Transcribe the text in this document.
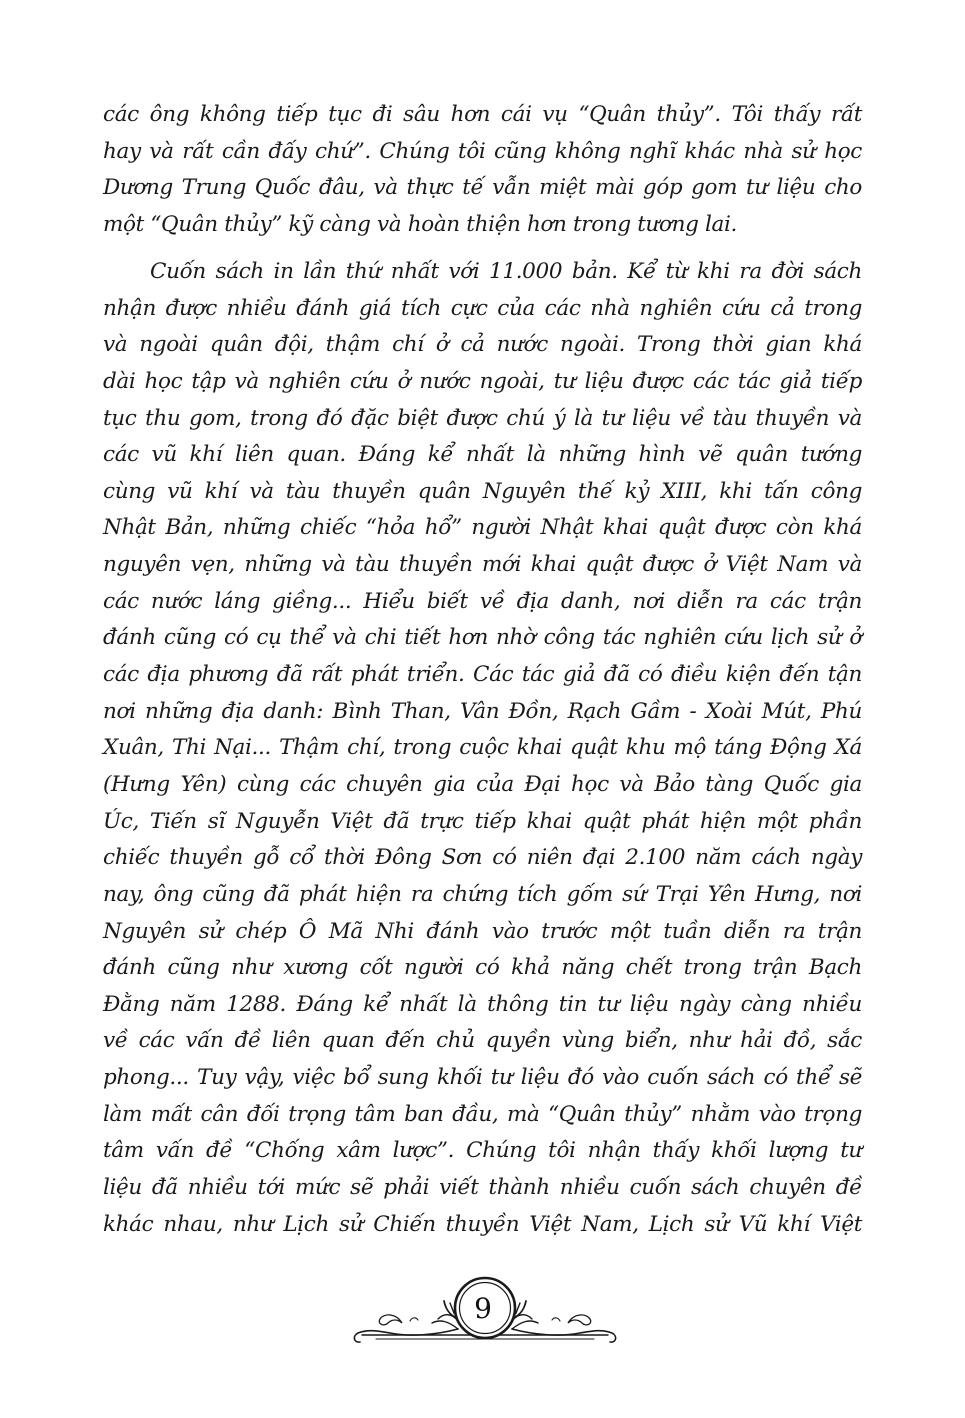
các ông không tiếp tục đi sâu hơn cái vụ “Quân thủy”. Tôi thấy rất
hay và rất cần đấy chứ”. Chúng tôi cũng không nghĩ khác nhà sử học
Dương Trung Quốc đâu, và thực tế vẫn miệt mài góp gom tư liệu cho
một “Quân thủy” kỹ càng và hoàn thiện hơn trong tương lai.
Cuốn sách in lần thứ nhất với 11.000 bản. Kể từ khi ra đời sách
nhận được nhiều đánh giá tích cực của các nhà nghiên cứu cả trong
và ngoài quân đội, thậm chí ở cả nước ngoài. Trong thời gian khá
dài học tập và nghiên cứu ở nước ngoài, tư liệu được các tác giả tiếp
tục thu gom, trong đó đặc biệt được chú ý là tư liệu về tàu thuyền và
các vũ khí liên quan. Đáng kể nhất là những hình vẽ quân tướng
cùng vũ khí và tàu thuyền quân Nguyên thế kỷ XIII, khi tấn công
Nhật Bản, những chiếc “hỏa hổ” người Nhật khai quật được còn khá
nguyên vẹn, những và tàu thuyền mới khai quật được ở Việt Nam và
các nước láng giềng... Hiểu biết về địa danh, nơi diễn ra các trận
đánh cũng có cụ thể và chi tiết hơn nhờ công tác nghiên cứu lịch sử ở
các địa phương đã rất phát triển. Các tác giả đã có điều kiện đến tận
nơi những địa danh: Bình Than, Vân Đồn, Rạch Gầm - Xoài Mút, Phú
Xuân, Thi Nại... Thậm chí, trong cuộc khai quật khu mộ táng Động Xá
(Hưng Yên) cùng các chuyên gia của Đại học và Bảo tàng Quốc gia
Úc, Tiến sĩ Nguyễn Việt đã trực tiếp khai quật phát hiện một phần
chiếc thuyền gỗ cổ thời Đông Sơn có niên đại 2.100 năm cách ngày
nay, ông cũng đã phát hiện ra chứng tích gốm sứ Trại Yên Hưng, nơi
Nguyên sử chép Ô Mã Nhi đánh vào trước một tuần diễn ra trận
đánh cũng như xương cốt người có khả năng chết trong trận Bạch
Đằng năm 1288. Đáng kể nhất là thông tin tư liệu ngày càng nhiều
về các vấn đề liên quan đến chủ quyền vùng biển, như hải đồ, sắc
phong... Tuy vậy, việc bổ sung khối tư liệu đó vào cuốn sách có thể sẽ
làm mất cân đối trọng tâm ban đầu, mà “Quân thủy” nhằm vào trọng
tâm vấn đề “Chống xâm lược”. Chúng tôi nhận thấy khối lượng tư
liệu đã nhiều tới mức sẽ phải viết thành nhiều cuốn sách chuyên đề
khác nhau, như Lịch sử Chiến thuyền Việt Nam, Lịch sử Vũ khí Việt
9
